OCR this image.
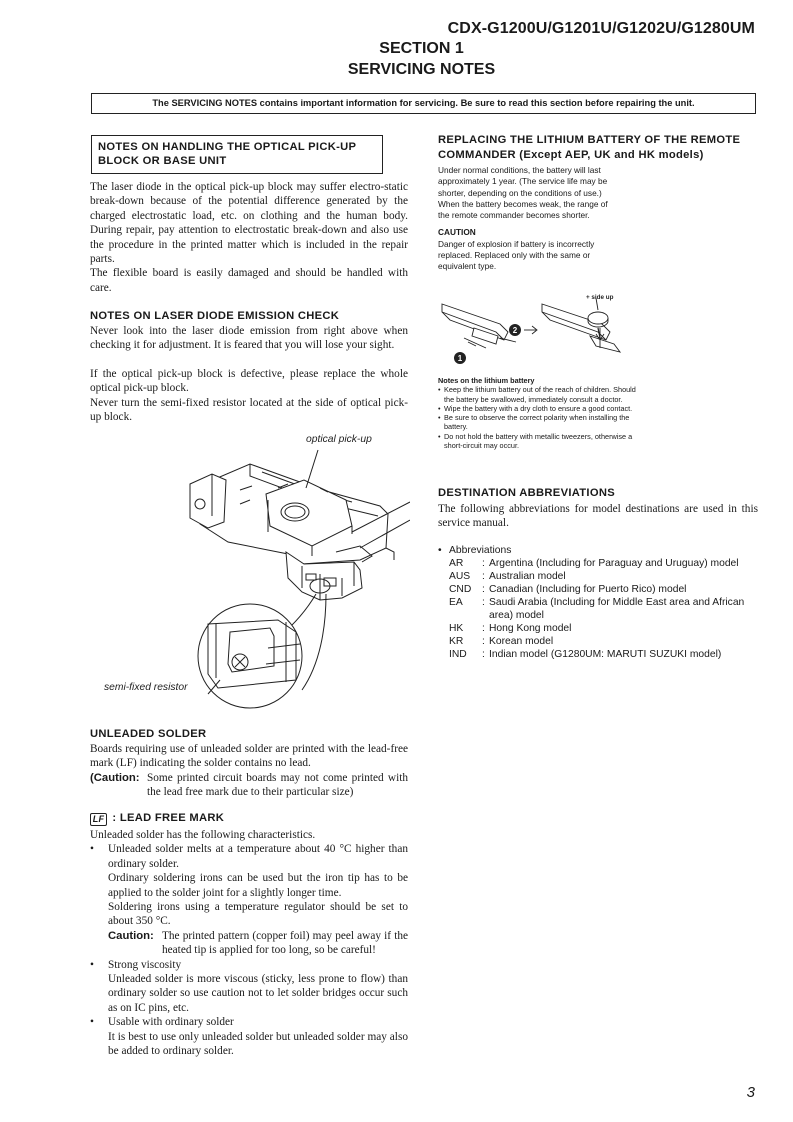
CDX-G1200U/G1201U/G1202U/G1280UM
SECTION 1
SERVICING NOTES
The SERVICING NOTES contains important information for servicing. Be sure to read this section before repairing the unit.
NOTES ON HANDLING THE OPTICAL PICK-UP BLOCK OR BASE UNIT

The laser diode in the optical pick-up block may suffer electro-static break-down because of the potential difference generated by the charged electrostatic load, etc. on clothing and the human body. During repair, pay attention to electrostatic break-down and also use the procedure in the printed matter which is included in the repair parts.

The flexible board is easily damaged and should be handled with care.

NOTES ON LASER DIODE EMISSION CHECK

Never look into the laser diode emission from right above when checking it for adjustment. It is feared that you will lose your sight.

If the optical pick-up block is defective, please replace the whole optical pick-up block.

Never turn the semi-fixed resistor located at the side of optical pick-up block.

optical pick-up
semi-fixed resistor
UNLEADED SOLDER

Boards requiring use of unleaded solder are printed with the lead-free mark (LF) indicating the solder contains no lead.

(Caution: Some printed circuit boards may not come printed with the lead free mark due to their particular size)
LF : LEAD FREE MARK

Unleaded solder has the following characteristics.

•	Unleaded solder melts at a temperature about 40 °C higher than ordinary solder.

Ordinary soldering irons can be used but the iron tip has to be applied to the solder joint for a slightly longer time.

Soldering irons using a temperature regulator should be set to about 350 °C.

Caution: The printed pattern (copper foil) may peel away if the heated tip is applied for too long, so be careful!
•	Strong viscosity

Unleaded solder is more viscous (sticky, less prone to flow) than ordinary solder so use caution not to let solder bridges occur such as on IC pins, etc.

•	Usable with ordinary solder

It is best to use only unleaded solder but unleaded solder may also be added to ordinary solder.

REPLACING THE LITHIUM BATTERY OF THE REMOTE COMMANDER (Except AEP, UK and HK models)

Under normal conditions, the battery will last approximately 1 year. (The service life may be shorter, depending on the conditions of use.)

When the battery becomes weak, the range of the remote commander becomes shorter.

CAUTION

Danger of explosion if battery is incorrectly replaced. Replaced only with the same or equivalent type.

1
2
+ side up

Notes on the lithium battery

• Keep the lithium battery out of the reach of children. Should the battery be swallowed, immediately consult a doctor.
• Wipe the battery with a dry cloth to ensure a good contact.
• Be sure to observe the correct polarity when installing the battery.
• Do not hold the battery with metallic tweezers, otherwise a short-circuit may occur.
DESTINATION ABBREVIATIONS
The following abbreviations for model destinations are used in this service manual.
• Abbreviations
AR	: Argentina (Including for Paraguay and Uruguay) model
AUS	: Australian model
CND	: Canadian (Including for Puerto Rico) model
EA	: Saudi Arabia (Including for Middle East area and African area) model
HK	: Hong Kong model
KR	: Korean model
IND	: Indian model (G1280UM: MARUTI SUZUKI model)
3
